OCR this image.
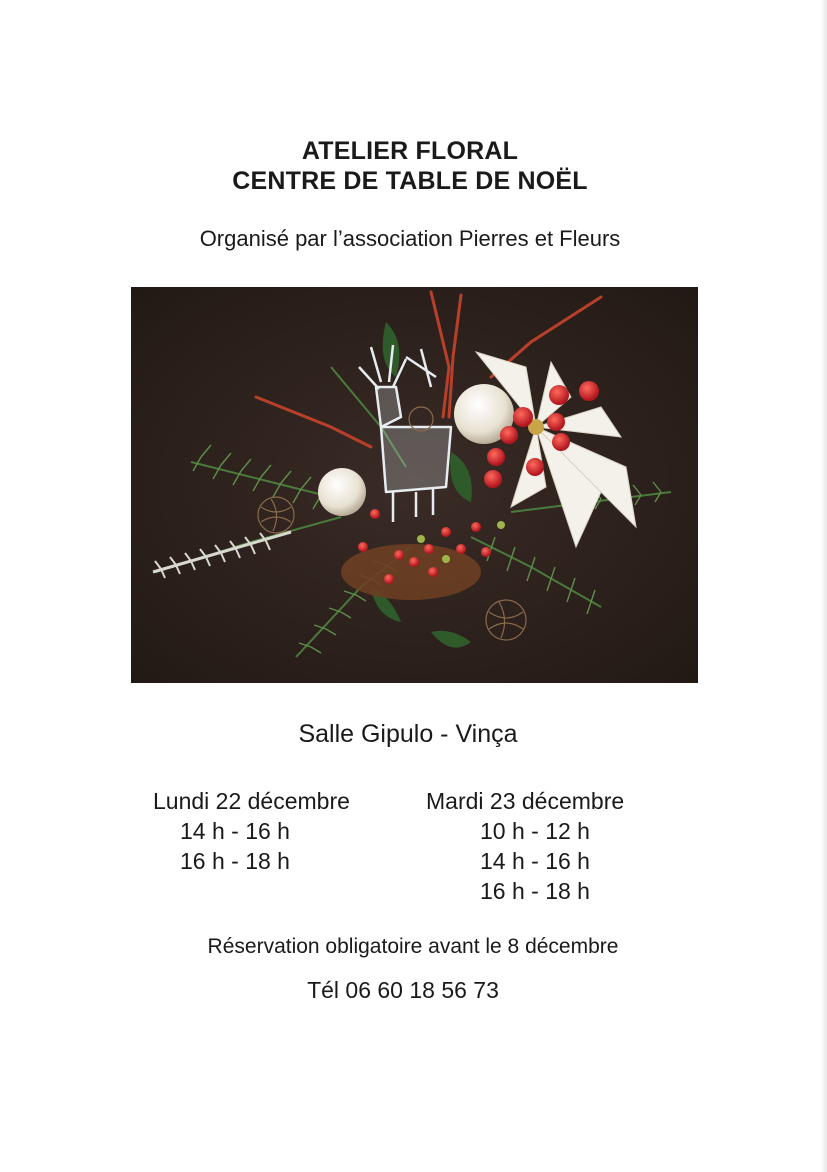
ATELIER FLORAL
CENTRE DE TABLE DE NOËL
Organisé par l’association Pierres et Fleurs
Salle Gipulo - Vinça
Lundi 22 décembre
14 h - 16 h
16 h - 18 h
Mardi 23 décembre
10 h - 12 h
14 h - 16 h
16 h - 18 h
Réservation obligatoire avant le 8 décembre
Tél 06 60 18 56 73
